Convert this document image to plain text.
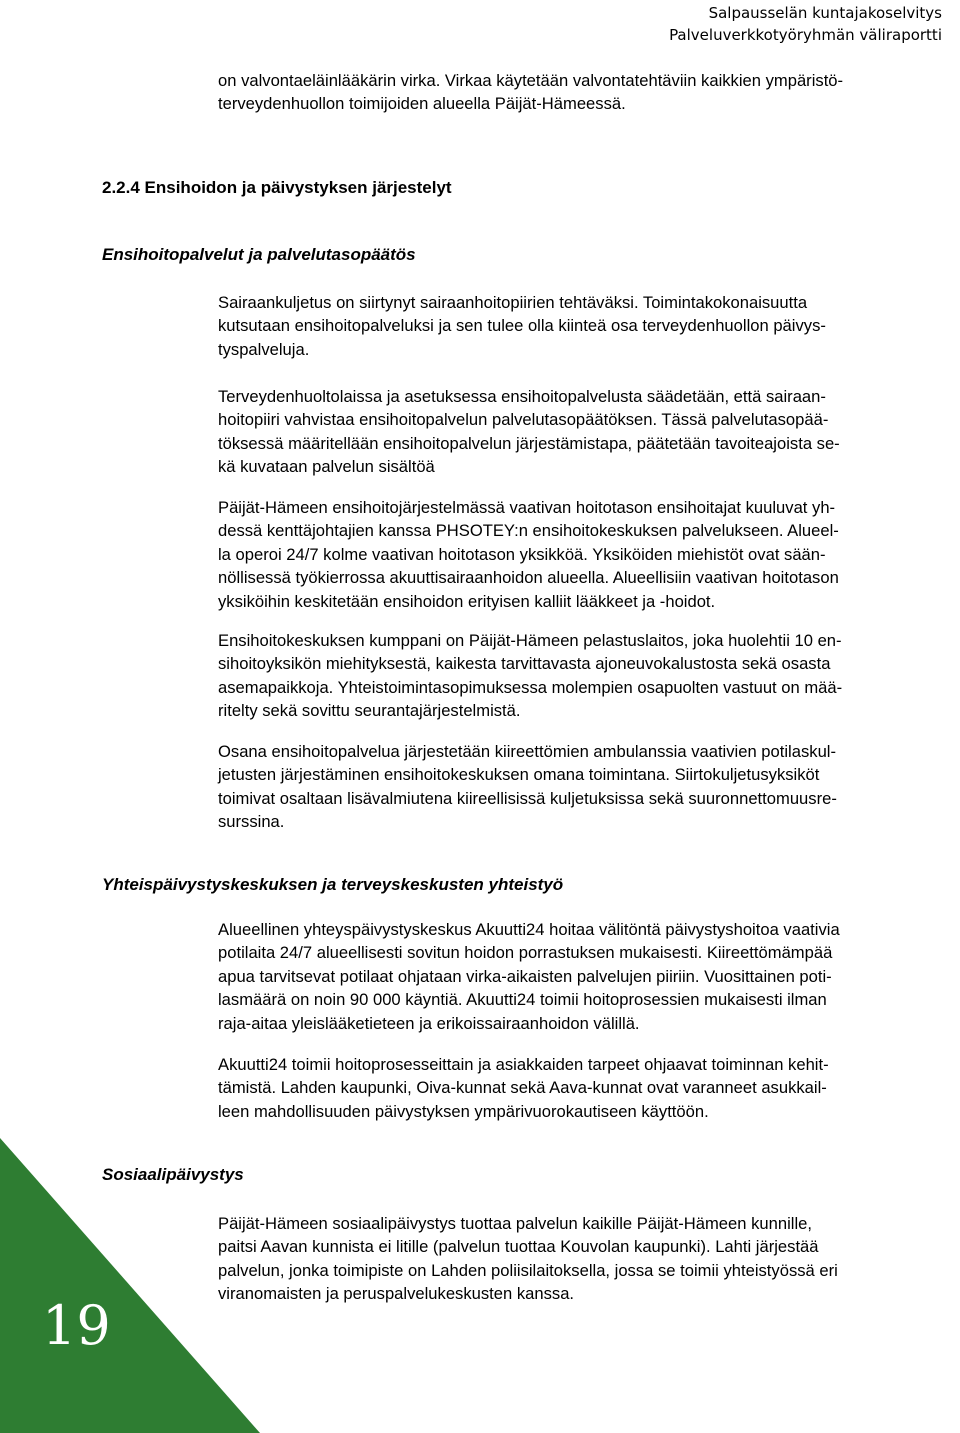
Salpausselän kuntajakoselvitys
Palveluverkkotyöryhmän väliraportti
on valvontaeläinlääkärin virka. Virkaa käytetään valvontatehtäviin kaikkien ympäristö-
terveydenhuollon toimijoiden alueella Päijät-Hämeessä.
2.2.4 Ensihoidon ja päivystyksen järjestelyt
Ensihoitopalvelut ja palvelutasopäätös
Sairaankuljetus on siirtynyt sairaanhoitopiirien tehtäväksi. Toimintakokonaisuutta
kutsutaan ensihoitopalveluksi ja sen tulee olla kiinteä osa terveydenhuollon päivys-
tyspalveluja.
Terveydenhuoltolaissa ja asetuksessa ensihoitopalvelusta säädetään, että sairaan-
hoitopiiri vahvistaa ensihoitopalvelun palvelutasopäätöksen. Tässä palvelutasopää-
töksessä määritellään ensihoitopalvelun järjestämistapa, päätetään tavoiteajoista se-
kä kuvataan palvelun sisältöä
Päijät-Hämeen ensihoitojärjestelmässä vaativan hoitotason ensihoitajat kuuluvat yh-
dessä kenttäjohtajien kanssa PHSOTEY:n ensihoitokeskuksen palvelukseen. Alueel-
la operoi 24/7 kolme vaativan hoitotason yksikköä. Yksiköiden miehistöt ovat sään-
nöllisessä työkierrossa akuuttisairaanhoidon alueella. Alueellisiin vaativan hoitotason
yksiköihin keskitetään ensihoidon erityisen kalliit lääkkeet ja -hoidot.
Ensihoitokeskuksen kumppani on Päijät-Hämeen pelastuslaitos, joka huolehtii 10 en-
sihoitoyksikön miehityksestä, kaikesta tarvittavasta ajoneuvokalustosta sekä osasta
asemapaikkoja. Yhteistoimintasopimuksessa molempien osapuolten vastuut on mää-
ritelty sekä sovittu seurantajärjestelmistä.
Osana ensihoitopalvelua järjestetään kiireettömien ambulanssia vaativien potilaskul-
jetusten järjestäminen ensihoitokeskuksen omana toimintana. Siirtokuljetusyksiköt
toimivat osaltaan lisävalmiutena kiireellisissä kuljetuksissa sekä suuronnettomuusre-
surssina.
Yhteispäivystyskeskuksen ja terveyskeskusten yhteistyö
Alueellinen yhteyspäivystyskeskus Akuutti24 hoitaa välitöntä päivystyshoitoa vaativia
potilaita 24/7 alueellisesti sovitun hoidon porrastuksen mukaisesti. Kiireettömämpää
apua tarvitsevat potilaat ohjataan virka-aikaisten palvelujen piiriin. Vuosittainen poti-
lasmäärä on noin 90 000 käyntiä. Akuutti24 toimii hoitoprosessien mukaisesti ilman
raja-aitaa yleislääketieteen ja erikoissairaanhoidon välillä.
Akuutti24 toimii hoitoprosesseittain ja asiakkaiden tarpeet ohjaavat toiminnan kehit-
tämistä. Lahden kaupunki, Oiva-kunnat sekä Aava-kunnat ovat varanneet asukkail-
leen mahdollisuuden päivystyksen ympärivuorokautiseen käyttöön.
19
Sosiaalipäivystys
Päijät-Hämeen sosiaalipäivystys tuottaa palvelun kaikille Päijät-Hämeen kunnille,
paitsi Aavan kunnista ei litille (palvelun tuottaa Kouvolan kaupunki). Lahti järjestää
palvelun, jonka toimipiste on Lahden poliisilaitoksella, jossa se toimii yhteistyössä eri
viranomaisten ja peruspalvelukeskusten kanssa.
